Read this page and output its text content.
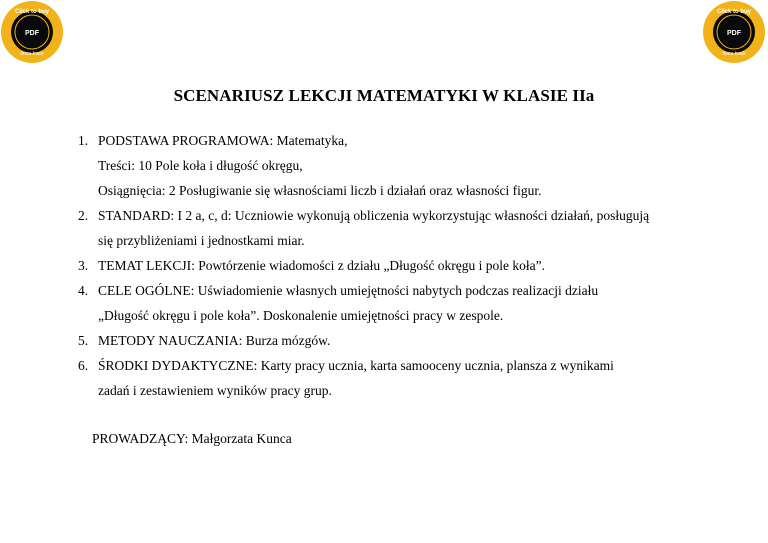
Click to buy
PDF
docu-track
Click to buy
PDF
docu-track
SCENARIUSZ LEKCJI MATEMATYKI W KLASIE IIa
1. PODSTAWA PROGRAMOWA: Matematyka,
Treści: 10 Pole koła i długość okręgu,
Osiągnięcia: 2 Posługiwanie się własnościami liczb i działań oraz własności figur.
2. STANDARD: I 2 a, c, d: Uczniowie wykonują obliczenia wykorzystując własności działań, posługują
się przybliżeniami i jednostkami miar.
3. TEMAT LEKCJI: Powtórzenie wiadomości z działu „Długość okręgu i pole koła”.
4. CELE OGÓLNE: Uświadomienie własnych umiejętności nabytych podczas realizacji działu
„Długość okręgu i pole koła”. Doskonalenie umiejętności pracy w zespole.
5. METODY NAUCZANIA: Burza mózgów.
6. ŚRODKI DYDAKTYCZNE: Karty pracy ucznia, karta samooceny ucznia, plansza z wynikami
zadań i zestawieniem wyników pracy grup.
PROWADZĄCY: Małgorzata Kunca
